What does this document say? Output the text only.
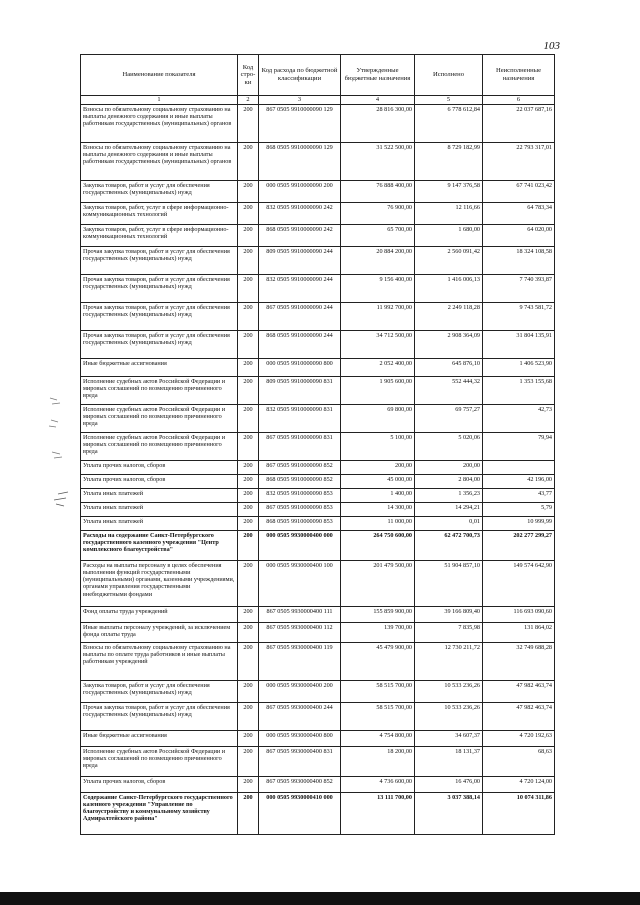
103
Наименование показателя	Код стро-ки	Код расхода по бюджетной классификации	Утвержденные бюджетные назначения	Исполнено	Неисполненные назначения
1	2	3	4	5	6
Взносы по обязательному социальному страхованию на выплаты денежного содержания и иные выплаты работникам государственных (муниципальных) органов	200	867 0505 9910000090 129	28 816 300,00	6 778 612,84	22 037 687,16
Взносы по обязательному социальному страхованию на выплаты денежного содержания и иные выплаты работникам государственных (муниципальных) органов	200	868 0505 9910000090 129	31 522 500,00	8 729 182,99	22 793 317,01
Закупка товаров, работ и услуг для обеспечения государственных (муниципальных) нужд	200	000 0505 9910000090 200	76 888 400,00	9 147 376,58	67 741 023,42
Закупка товаров, работ, услуг в сфере информационно-коммуникационных технологий	200	832 0505 9910000090 242	76 900,00	12 116,66	64 783,34
Закупка товаров, работ, услуг в сфере информационно-коммуникационных технологий	200	868 0505 9910000090 242	65 700,00	1 680,00	64 020,00
Прочая закупка товаров, работ и услуг для обеспечения государственных (муниципальных) нужд	200	809 0505 9910000090 244	20 884 200,00	2 560 091,42	18 324 108,58
Прочая закупка товаров, работ и услуг для обеспечения государственных (муниципальных) нужд	200	832 0505 9910000090 244	9 156 400,00	1 416 006,13	7 740 393,87
Прочая закупка товаров, работ и услуг для обеспечения государственных (муниципальных) нужд	200	867 0505 9910000090 244	11 992 700,00	2 249 118,28	9 743 581,72
Прочая закупка товаров, работ и услуг для обеспечения государственных (муниципальных) нужд	200	868 0505 9910000090 244	34 712 500,00	2 908 364,09	31 804 135,91
Иные бюджетные ассигнования	200	000 0505 9910000090 800	2 052 400,00	645 876,10	1 406 523,90
Исполнение судебных актов Российской Федерации и мировых соглашений по возмещению причиненного вреда	200	809 0505 9910000090 831	1 905 600,00	552 444,32	1 353 155,68
Исполнение судебных актов Российской Федерации и мировых соглашений по возмещению причиненного вреда	200	832 0505 9910000090 831	69 800,00	69 757,27	42,73
Исполнение судебных актов Российской Федерации и мировых соглашений по возмещению причиненного вреда	200	867 0505 9910000090 831	5 100,00	5 020,06	79,94
Уплата прочих налогов, сборов	200	867 0505 9910000090 852	200,00	200,00	
Уплата прочих налогов, сборов	200	868 0505 9910000090 852	45 000,00	2 804,00	42 196,00
Уплата иных платежей	200	832 0505 9910000090 853	1 400,00	1 356,23	43,77
Уплата иных платежей	200	867 0505 9910000090 853	14 300,00	14 294,21	5,79
Уплата иных платежей	200	868 0505 9910000090 853	11 000,00	0,01	10 999,99
Расходы на содержание Санкт-Петербургского государственного казенного учреждения "Центр комплексного благоустройства"	200	000 0505 9930000400 000	264 750 600,00	62 472 700,73	202 277 299,27
Расходы на выплаты персоналу в целях обеспечения выполнения функций государственными (муниципальными) органами, казенными учреждениями, органами управления государственными внебюджетными фондами	200	000 0505 9930000400 100	201 479 500,00	51 904 857,10	149 574 642,90
Фонд оплаты труда учреждений	200	867 0505 9930000400 111	155 859 900,00	39 166 809,40	116 693 090,60
Иные выплаты персоналу учреждений, за исключением фонда оплаты труда	200	867 0505 9930000400 112	139 700,00	7 835,98	131 864,02
Взносы по обязательному социальному страхованию на выплаты по оплате труда работников и иные выплаты работникам учреждений	200	867 0505 9930000400 119	45 479 900,00	12 730 211,72	32 749 688,28
Закупка товаров, работ и услуг для обеспечения государственных (муниципальных) нужд	200	000 0505 9930000400 200	58 515 700,00	10 533 236,26	47 982 463,74
Прочая закупка товаров, работ и услуг для обеспечения государственных (муниципальных) нужд	200	867 0505 9930000400 244	58 515 700,00	10 533 236,26	47 982 463,74
Иные бюджетные ассигнования	200	000 0505 9930000400 800	4 754 800,00	34 607,37	4 720 192,63
Исполнение судебных актов Российской Федерации и мировых соглашений по возмещению причиненного вреда	200	867 0505 9930000400 831	18 200,00	18 131,37	68,63
Уплата прочих налогов, сборов	200	867 0505 9930000400 852	4 736 600,00	16 476,00	4 720 124,00
Содержание Санкт-Петербургского государственного казенного учреждения "Управление по благоустройству и коммунальному хозяйству Адмиралтейского района"	200	000 0505 9930000410 000	13 111 700,00	3 037 388,14	10 074 311,86
